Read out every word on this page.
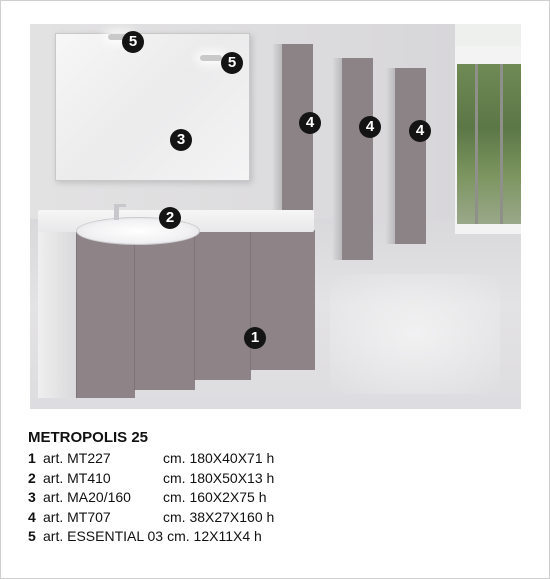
5
5
3
4	4	4
2
1
METROPOLIS 25
1 art. MT227	cm. 180X40X71 h
2 art. MT410	cm. 180X50X13 h
3 art. MA20/160	cm. 160X2X75 h
4 art. MT707	cm. 38X27X160 h
5 art. ESSENTIAL 03 cm. 12X11X4 h
